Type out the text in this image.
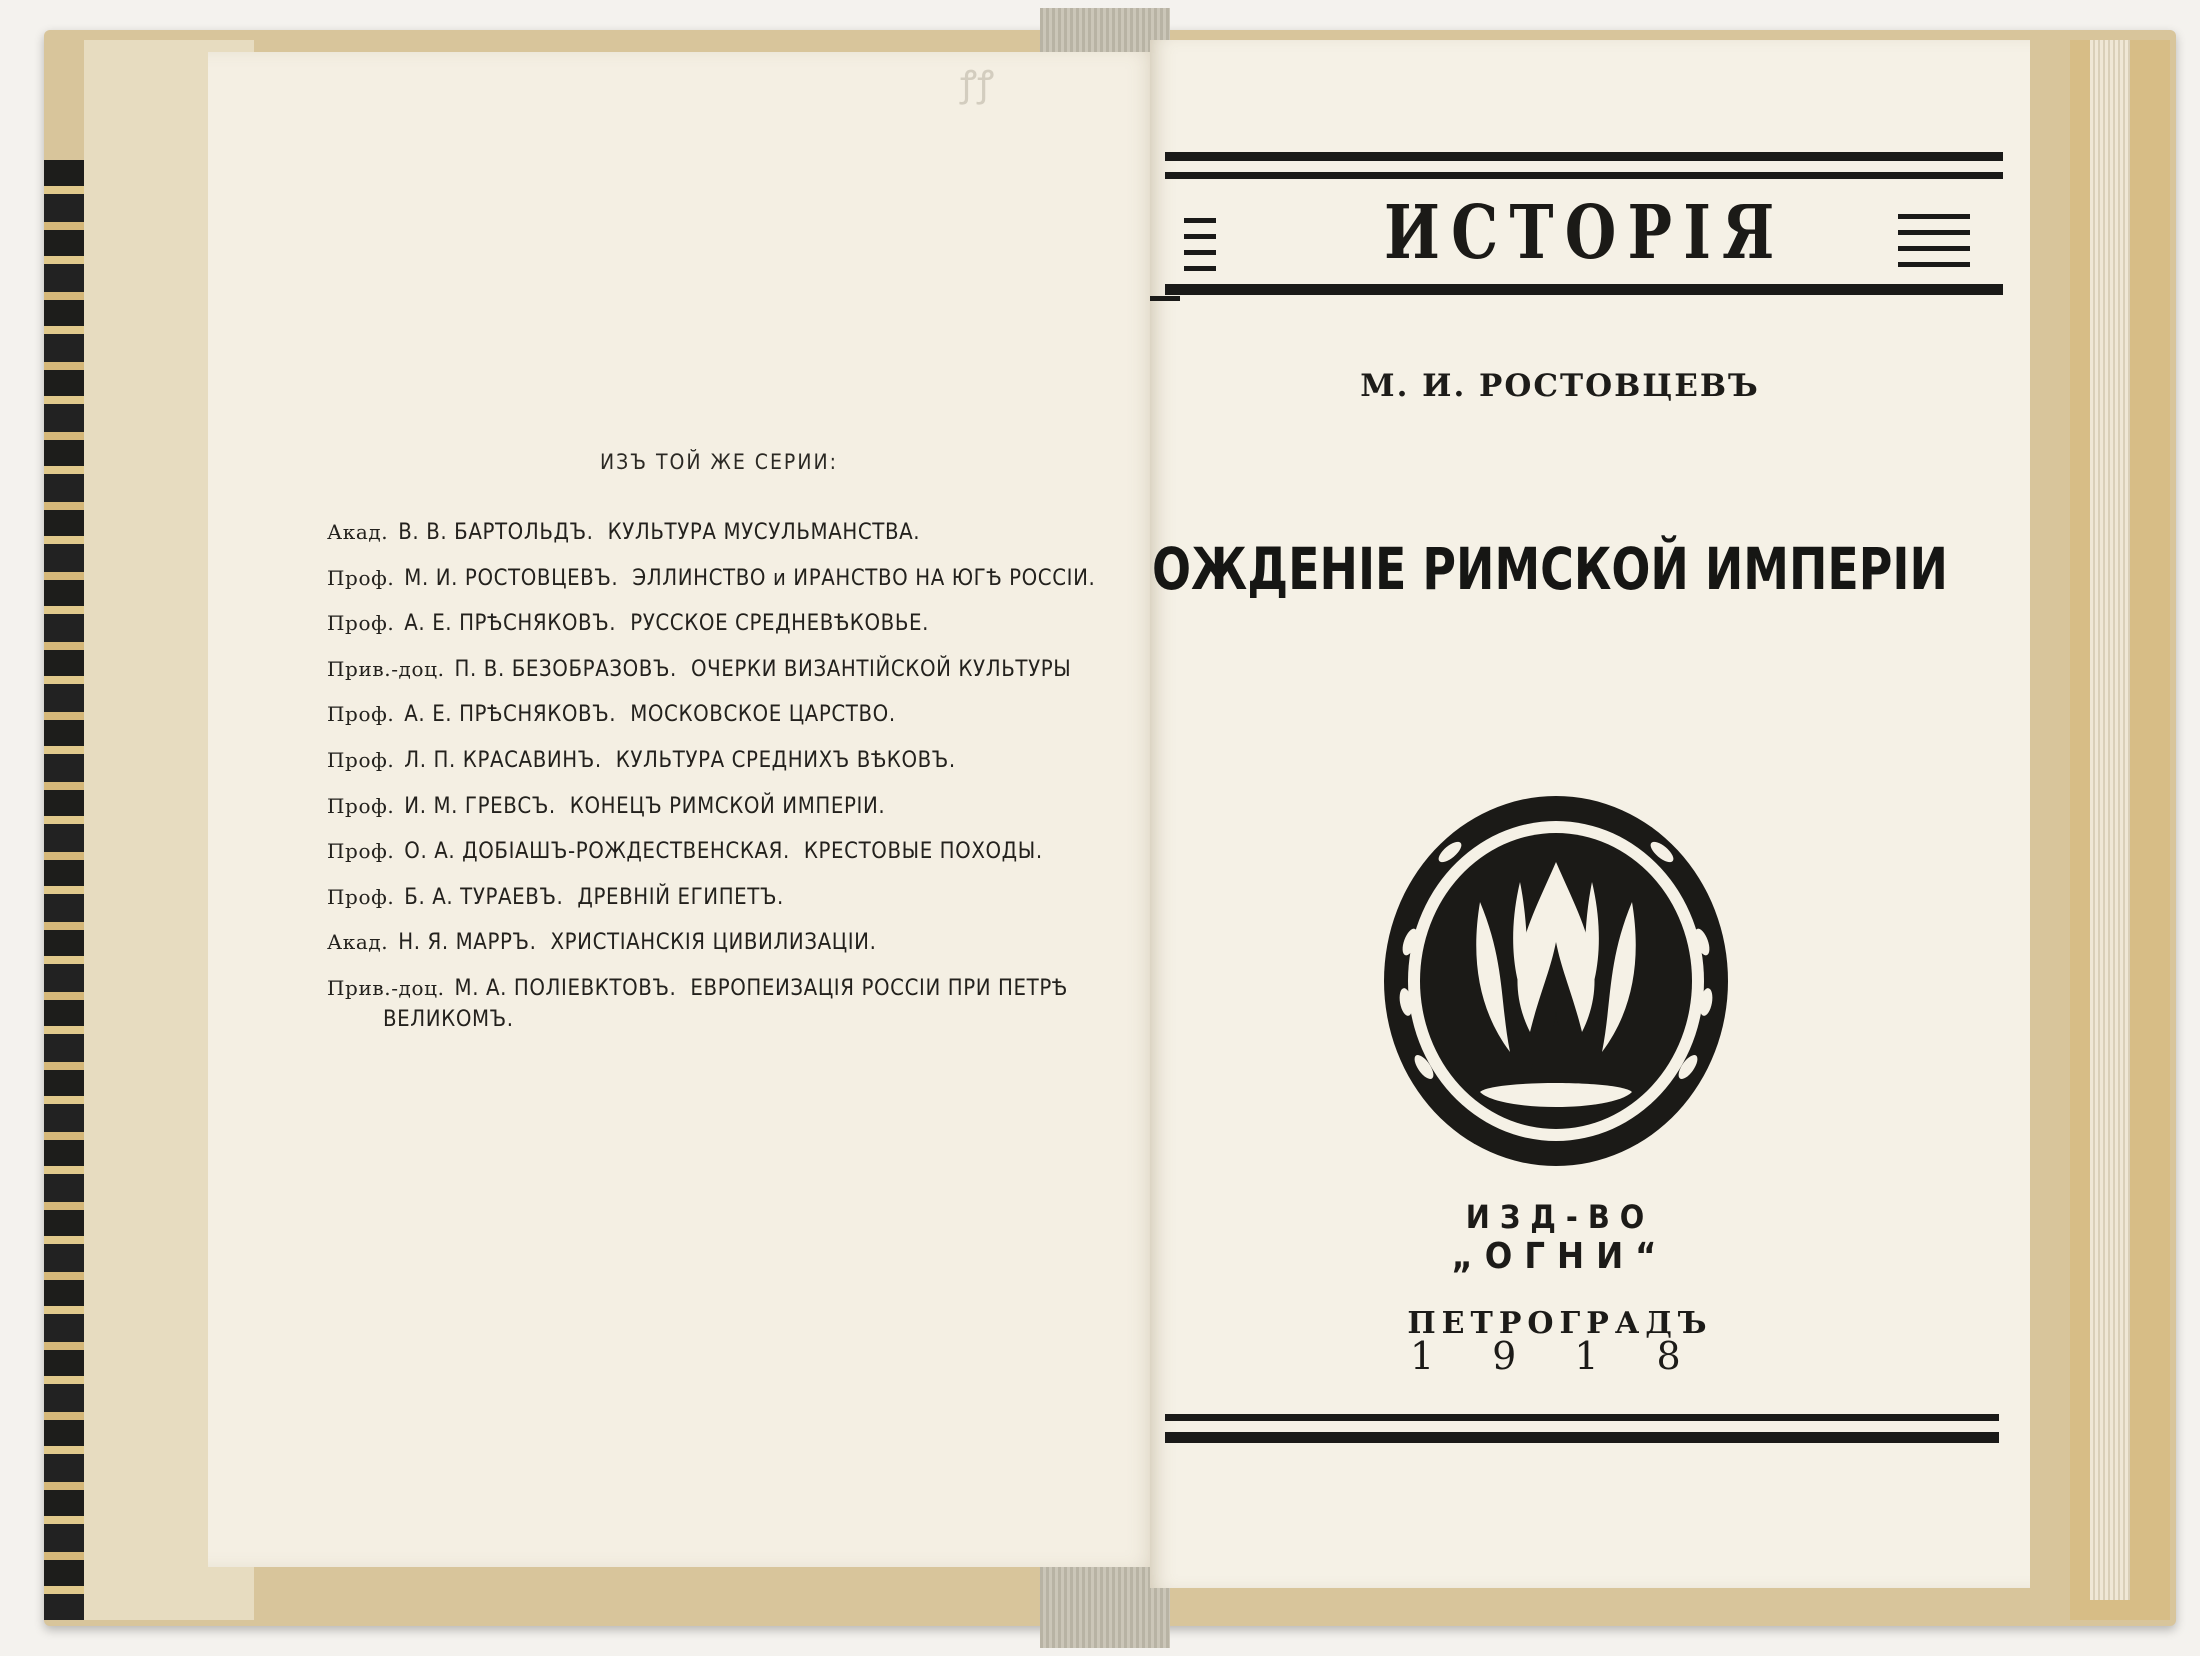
ꝭꝭ
ИЗЪ ТОЙ ЖЕ СЕРИИ:
Акад. В. В. БАРТОЛЬДЪ. КУЛЬТУРА МУСУЛЬМАНСТВА.
Проф. М. И. РОСТОВЦЕВЪ. ЭЛЛИНСТВО и ИРАНСТВО НА ЮГѢ РОССІИ.
Проф. А. Е. ПРѢСНЯКОВЪ. РУССКОЕ СРЕДНЕВѢКОВЬЕ.
Прив.-доц. П. В. БЕЗОБРАЗОВЪ. ОЧЕРКИ ВИЗАНТІЙСКОЙ КУЛЬТУРЫ
Проф. А. Е. ПРѢСНЯКОВЪ. МОСКОВСКОЕ ЦАРСТВО.
Проф. Л. П. КРАСАВИНЪ. КУЛЬТУРА СРЕДНИХЪ ВѢКОВЪ.
Проф. И. М. ГРЕВСЪ. КОНЕЦЪ РИМСКОЙ ИМПЕРІИ.
Проф. О. А. ДОБІАШЪ-РОЖДЕСТВЕНСКАЯ. КРЕСТОВЫЕ ПОХОДЫ.
Проф. Б. А. ТУРАЕВЪ. ДРЕВНІЙ ЕГИПЕТЪ.
Акад. Н. Я. МАРРЪ. ХРИСТІАНСКІЯ ЦИВИЛИЗАЦІИ.
Прив.-доц. М. А. ПОЛІЕВКТОВЪ. ЕВРОПЕИЗАЦІЯ РОССІИ ПРИ ПЕТРѢ
ВЕЛИКОМЪ.
ИСТОРІЯ
М. И. РОСТОВЦЕВЪ
ОЖДЕНІЕ РИМСКОЙ ИМПЕРІИ
ИЗД-ВО
„ОГНИ“
ПЕТРОГРАДЪ
1918
